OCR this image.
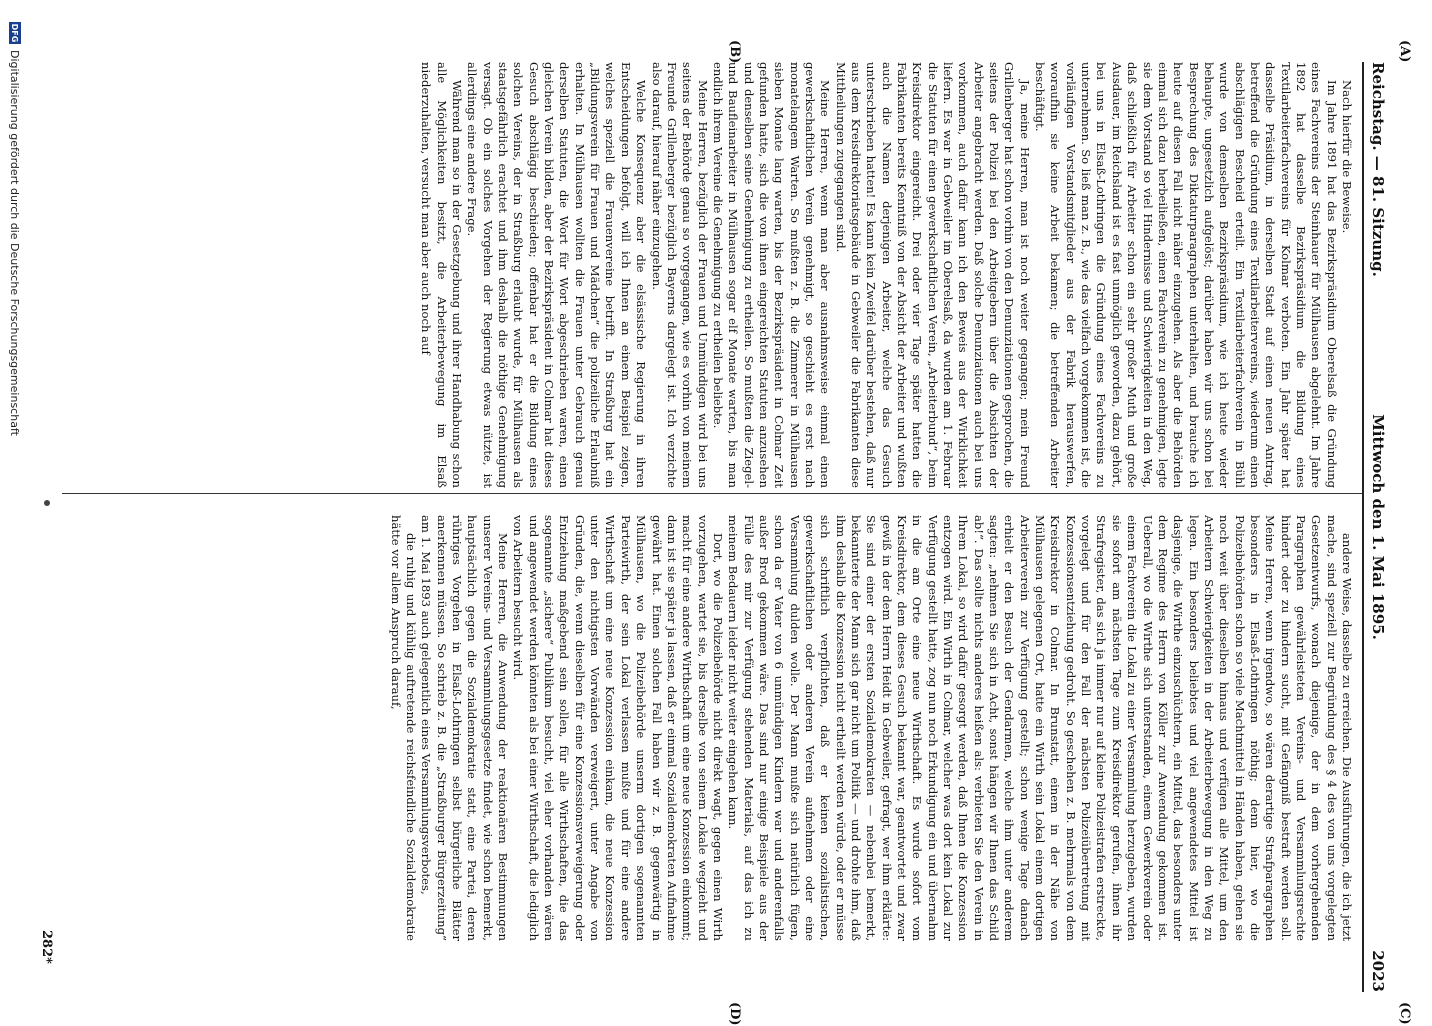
(A)
(B)
(C)
(D)
Reichstag. — 81. Sitzung.
Mittwoch den 1. Mai 1895.
2023

Nach hierfür die Beweise.

Im Jahre 1891 hat das Bezirkspräsidium Oberelsaß die Gründung eines Fachvereins der Steinhauer für Mülhausen abgelehnt. Im Jahre 1892 hat dasselbe Bezirkspräsidium die Bildung eines Textilarbeiterfachvereins für Kolmar verboten. Ein Jahr später hat dasselbe Präsidium, in derselben Stadt auf einen neuen Antrag, betreffend die Gründung eines Textilarbeitervereins, wiederum einen abschlägigen Bescheid erteilt. Ein Textilarbeiterfachverein in Bühl wurde von demselben Bezirkspräsidium, wie ich heute wieder behaupte, ungesetzlich aufgelöst; darüber haben wir uns schon bei Besprechung des Diktaturparagraphen unterhalten, und brauche ich heute auf diesen Fall nicht näher einzugehen. Als aber die Behörden einmal sich dazu herbeiließen, einen Fachverein zu genehmigen, legte sie dem Vorstand so viel Hindernisse und Schwierigkeiten in den Weg, daß schließlich für Arbeiter schon ein sehr großer Muth und große Ausdauer, im Reichsland ist es fast unmöglich geworden, dazu gehört, bei uns in Elsaß-Lothringen die Gründung eines Fachvereins zu unternehmen. So ließ man z. B., wie das vielfach vorgekommen ist, die vorläufigen Vorstandsmitglieder aus der Fabrik herauswerfen, woraufhin sie keine Arbeit bekamen; die betreffenden Arbeiter beschäftigt.

Ja, meine Herren, man ist noch weiter gegangen; mein Freund Grillenberger hat schon vorhin von den Denunziationen gesprochen, die seitens der Polizei bei den Arbeitgebern über die Absichten der Arbeiter angebracht werden. Daß solche Denunziationen auch bei uns vorkommen, auch dafür kann ich den Beweis aus der Wirklichkeit liefern. Es war in Gebweiler im Oberelsaß, da wurden am 1. Februar die Statuten für einen gewerkschaftlichen Verein, „Arbeiterbund“, beim Kreisdirektor eingereicht. Drei oder vier Tage später hatten die Fabrikanten bereits Kenntniß von der Absicht der Arbeiter und wußten auch die Namen derjenigen Arbeiter, welche das Gesuch unterschrieben hatten! Es kann kein Zweifel darüber bestehen, daß nur aus dem Kreisdirektoriatsgebäude in Gebweiler die Fabrikanten diese Mittheilungen zugegangen sind.

Meine Herren, wenn man aber ausnahmsweise einmal einen gewerkschaftlichen Verein genehmigt, so geschieht es erst nach monatelangem Warten. So mußten z. B. die Zimmerer in Mülhausen sieben Monate lang warten, bis der Bezirkspräsident in Colmar Zeit gefunden hatte, sich die von ihnen eingereichten Statuten anzusehen und denselben seine Genehmigung zu ertheilen. So mußten die Ziegel- und Baufleinarbeiter in Mülhausen sogar elf Monate warten, bis man endlich ihrem Vereine die Genehmigung zu ertheilen beliebte.

Meine Herren, bezüglich der Frauen und Unmündigen wird bei uns seitens der Behörde genau so vorgegangen, wie es vorhin von meinem Freunde Grillenberger bezüglich Bayerns dargelegt ist. Ich verzichte also darauf, hierauf näher einzugehen.

Welche Konsequenz aber die elsässische Regierung in ihren Entscheidungen befolgt, will ich Ihnen an einem Beispiel zeigen, welches speziell die Frauenvereine betrifft. In Straßburg hat ein „Bildungsverein für Frauen und Mädchen“ die polizeiliche Erlaubniß erhalten. In Mülhausen wollten die Frauen unter Gebrauch genau derselben Statuten, die Wort für Wort abgeschrieben waren, einen gleichen Verein bilden, aber der Bezirkspräsident in Colmar hat dieses Gesuch abschlägig beschieden; offenbar hat er die Bildung eines solchen Vereins, der in Straßburg erlaubt wurde, für Mülhausen als staatsgefährlich erachtet und ihm deshalb die nöthige Genehmigung versagt. Ob ein solches Vorgehen der Regierung etwas nützte, ist allerdings eine andere Frage.

Während man so in der Gesetzgebung und ihrer Handhabung schon alle Möglichkeiten besitzt, die Arbeiterbewegung im Elsaß niederzuhalten, versucht man aber auch noch auf

andere Weise, dasselbe zu erreichen. Die Ausführungen, die ich jetzt mache, sind speziell zur Begründung des § 4 des von uns vorgelegten Gesetzentwurfs, wonach diejenige, der in dem vorhergehenden Paragraphen gewährleisteten Vereins- und Versammlungsrechte hindert oder zu hindern sucht, mit Gefängniß bestraft werden soll. Meine Herren, wenn irgendwo, so wären derartige Strafparagraphen besonders in Elsaß-Lothringen nöthig; denn hier, wo die Polizeibehörden schon so viele Machtmittel in Händen haben, gehen sie noch weit über dieselben hinaus und verfügen alle Mittel, um den Arbeitern Schwierigkeiten in der Arbeiterbewegung in den Weg zu legen. Ein besonders beliebtes und viel angewendetes Mittel ist dasjenige, die Wirthe einzuschüchtern, ein Mittel, das besonders unter dem Regime des Herrn von Köller zur Anwendung gekommen ist. Ueberall, wo die Wirthe sich unterstanden, einem Gewerkverein oder einem Fachverein die Lokal zu einer Versammlung herzugeben, wurden sie sofort am nächsten Tage zum Kreisdirektor gerufen, ihnen ihr Strafregister, das sich ja immer nur auf kleine Polizeistrafen erstreckte, vorgelegt und für den Fall der nächsten Polizeiübertretung mit Konzessionsentziehung gedroht. So geschehen z. B. mehrmals von dem Kreisdirektor in Colmar. In Brunstatt, einem in der Nähe von Mülhausen gelegenen Ort, hatte ein Wirth sein Lokal einem dortigen Arbeiterverein zur Verfügung gestellt; schon wenige Tage danach erhielt er den Besuch der Gendarmen, welche ihm unter anderem sagten: „nehmen Sie sich in Acht, sonst hängen wir Ihnen das Schild ab!“. Das sollte nichts anderes heißen als: verbieten Sie den Verein in Ihrem Lokal, so wird dafür gesorgt werden, daß Ihnen die Konzession entzogen wird. Ein Wirth in Colmar, welcher was dort kein Lokal zur Verfügung gestellt hatte, zog nun noch Erkundigung ein und übernahm in die am Orte eine neue Wirthschaft. Es wurde sofort vom Kreisdirektor, dem dieses Gesuch bekannt war, geantwortet und zwar gewiß in der dem Herrn Heidt in Gebweiler, gefragt, wer ihm erklärte: Sie sind einer der ersten Sozialdemokraten — nebenbei bemerkt, bekannterte der Mann sich gar nicht um Politik — und drohte ihm, daß ihm deshalb die Konzession nicht ertheilt werden würde, oder er müsse sich schriftlich verpflichten, daß er keinen sozialistischen, gewerkschaftlichen oder anderen Verein aufnehmen oder eine Versammlung dulden wolle. Der Mann mußte sich natürlich fügen, schon da er Vater von 6 unmündigen Kindern war und anderenfalls außer Brod gekommen wäre. Das sind nur einige Beispiele aus der Fülle des mir zur Verfügung stehenden Materials, auf das ich zu meinem Bedauern leider nicht weiter eingehen kann.

Dort, wo die Polizeibehörde nicht direkt wagt, gegen einen Wirth vorzugehen, wartet sie, bis derselbe von seinem Lokale wegzieht und macht für eine andere Wirthschaft um eine neue Konzession einkommt; dann ist sie später ja lassen, daß er einmal Sozialdemokraten Aufnahme gewährt hat. Einen solchen Fall haben wir z. B. gegenwärtig in Mülhausen, wo die Polizeibehörde unserm dortigen sogenannten Parteiwirth, der sein Lokal verlassen mußte und für eine andere Wirthschaft um eine neue Konzession einkam, die neue Konzession unter den nichtigsten Vorwänden verweigert, unter Angabe von Gründen, die, wenn dieselben für eine Konzessionsverweigerung oder Entziehung maßgebend sein sollen, für alle Wirthschaften, die das sogenannte „sichere“ Publikum besucht, viel eher vorhanden wären und angewendet werden könnten als bei einer Wirthschaft, die lediglich von Arbeitern besucht wird.

Meine Herren, die Anwendung der reaktionären Bestimmungen unserer Vereins- und Versammlungsgesetze findet, wie schon bemerkt, hauptsächlich gegen die Sozialdemokratie statt, eine Partei, deren rühriges Vorgehen in Elsaß-Lothringen selbst bürgerliche Blätter anerkennen müssen. So schrieb z. B. die „Straßburger Bürgerzeitung“ am 1. Mai 1893 auch gelegentlich eines Versammlungsverbotes,

die ruhig und kühlig auftretende reichsfeindliche Sozialdemokratie hätte vor allem Anspruch darauf,

282*
DFG
Digitalisierung gefördert durch die Deutsche Forschungsgemeinschaft
